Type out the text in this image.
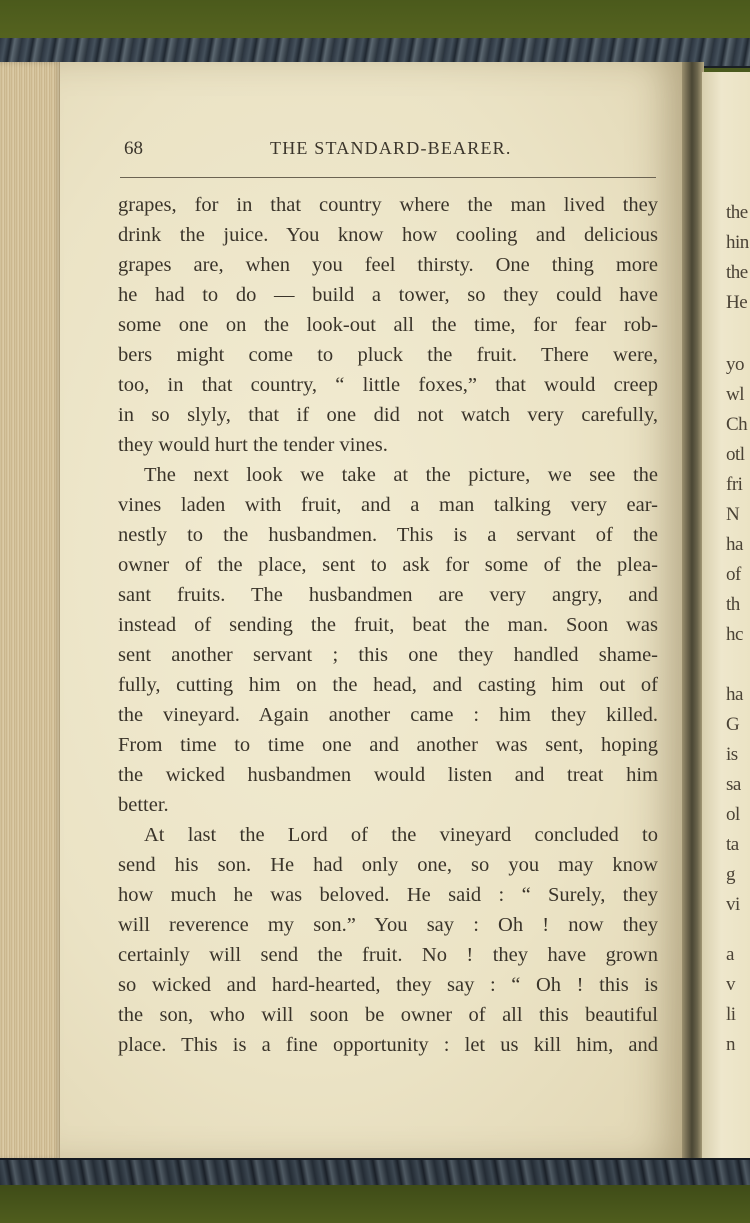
the
hin
the
He
yo
wl
Ch
otl
fri
N
ha
of
th
hc
ha
G
is
sa
ol
ta
g
vi
a
v
li
n
68	THE STANDARD-BEARER.
grapes, for in that country where the man lived they
drink the juice. You know how cooling and delicious
grapes are, when you feel thirsty. One thing more
he had to do — build a tower, so they could have
some one on the look-out all the time, for fear rob-
bers might come to pluck the fruit. There were,
too, in that country, “ little foxes,” that would creep
in so slyly, that if one did not watch very carefully,
they would hurt the tender vines.
The next look we take at the picture, we see the
vines laden with fruit, and a man talking very ear-
nestly to the husbandmen. This is a servant of the
owner of the place, sent to ask for some of the plea-
sant fruits. The husbandmen are very angry, and
instead of sending the fruit, beat the man. Soon was
sent another servant ; this one they handled shame-
fully, cutting him on the head, and casting him out of
the vineyard. Again another came : him they killed.
From time to time one and another was sent, hoping
the wicked husbandmen would listen and treat him
better.
At last the Lord of the vineyard concluded to
send his son. He had only one, so you may know
how much he was beloved. He said : “ Surely, they
will reverence my son.” You say : Oh ! now they
certainly will send the fruit. No ! they have grown
so wicked and hard-hearted, they say : “ Oh ! this is
the son, who will soon be owner of all this beautiful
place. This is a fine opportunity : let us kill him, and
